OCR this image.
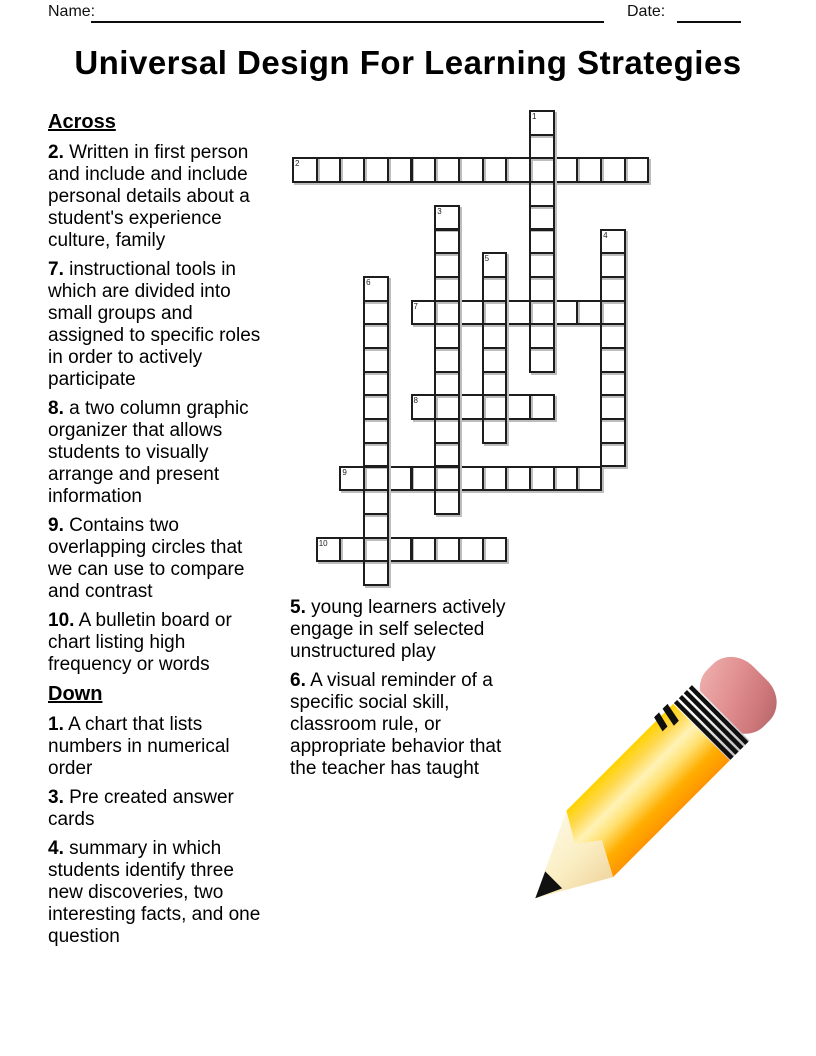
Name:	Date:
Universal Design For Learning Strategies
2
7
8
9
10
1
3
4
5
6
Across

2. Written in first person and include and include personal details about a student's experience culture, family

7. instructional tools in which are divided into small groups and assigned to specific roles in order to actively participate

8. a two column graphic organizer that allows students to visually arrange and present information

9. Contains two overlapping circles that we can use to compare and contrast

10. A bulletin board or chart listing high frequency or words

Down

1. A chart that lists numbers in numerical order

3. Pre created answer cards

4. summary in which students identify three new discoveries, two interesting facts, and one question

5. young learners actively engage in self selected unstructured play

6. A visual reminder of a specific social skill, classroom rule, or appropriate behavior that the teacher has taught
